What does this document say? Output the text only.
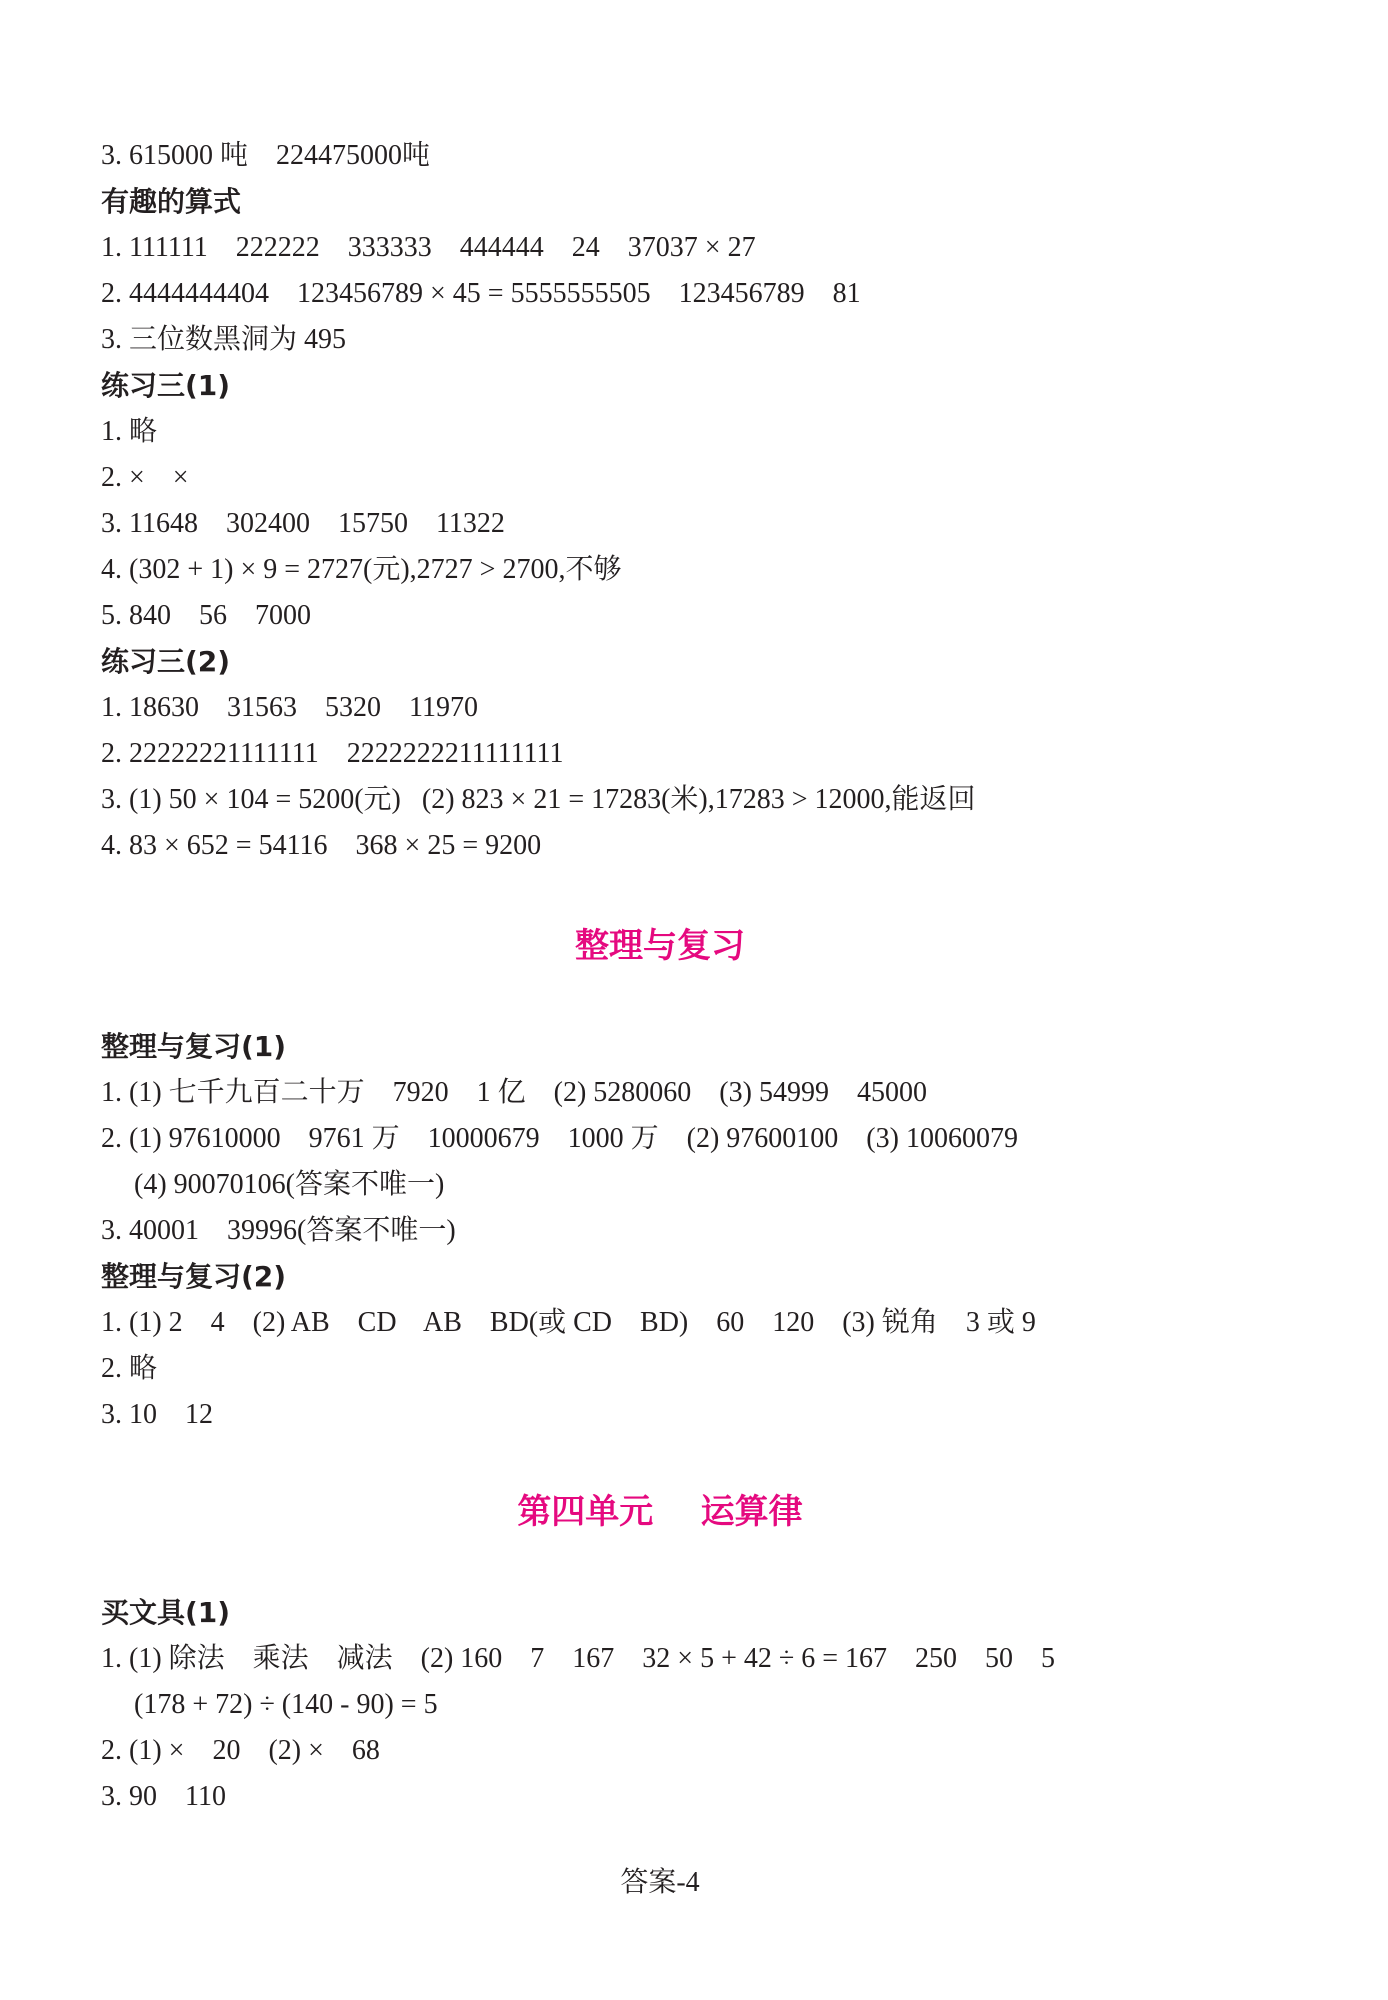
3. 615000 吨    224475000吨
有趣的算式
1. 111111    222222    333333    444444    24    37037 × 27
2. 4444444404    123456789 × 45 = 5555555505    123456789    81
3. 三位数黑洞为 495
练习三(1)
1. 略
2. ×    ×
3. 11648    302400    15750    11322
4. (302 + 1) × 9 = 2727(元),2727 > 2700,不够
5. 840    56    7000
练习三(2)
1. 18630    31563    5320    11970
2. 22222221111111    2222222211111111
3. (1) 50 × 104 = 5200(元)   (2) 823 × 21 = 17283(米),17283 > 12000,能返回
4. 83 × 652 = 54116    368 × 25 = 9200
整理与复习
整理与复习(1)
1. (1) 七千九百二十万    7920    1 亿    (2) 5280060    (3) 54999    45000
2. (1) 97610000    9761 万    10000679    1000 万    (2) 97600100    (3) 10060079
(4) 90070106(答案不唯一)
3. 40001    39996(答案不唯一)
整理与复习(2)
1. (1) 2    4    (2) AB    CD    AB    BD(或 CD    BD)    60    120    (3) 锐角    3 或 9
2. 略
3. 10    12
第四单元    运算律
买文具(1)
1. (1) 除法    乘法    减法    (2) 160    7    167    32 × 5 + 42 ÷ 6 = 167    250    50    5
(178 + 72) ÷ (140 - 90) = 5
2. (1) ×    20    (2) ×    68
3. 90    110
答案-4
